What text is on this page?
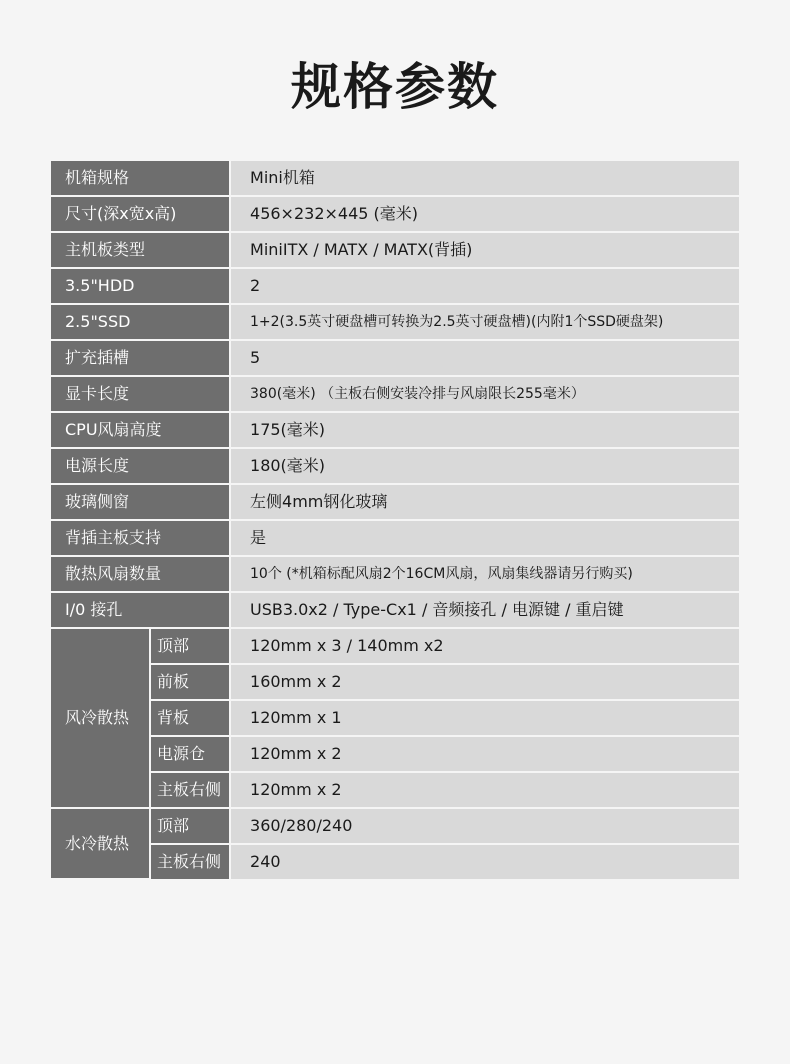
规格参数
机箱规格		Mini机箱
尺寸(深x宽x高)		456×232×445 (毫米)
主机板类型		MiniITX / MATX / MATX(背插)
3.5"HDD		2
2.5"SSD		1+2(3.5英寸硬盘槽可转换为2.5英寸硬盘槽)(内附1个SSD硬盘架)
扩充插槽		5
显卡长度		380(毫米) （主板右侧安装冷排与风扇限长255毫米）
CPU风扇高度		175(毫米)
电源长度		180(毫米)
玻璃侧窗		左侧4mm钢化玻璃
背插主板支持		是
散热风扇数量		10个 (*机箱标配风扇2个16CM风扇，风扇集线器请另行购买)
I/0 接孔		USB3.0x2 / Type-Cx1 / 音频接孔 / 电源键 / 重启键
风冷散热	顶部	120mm x 3 / 140mm x2
	前板	160mm x 2
	背板	120mm x 1
	电源仓	120mm x 2
	主板右侧	120mm x 2
水冷散热	顶部	360/280/240
	主板右侧	240
